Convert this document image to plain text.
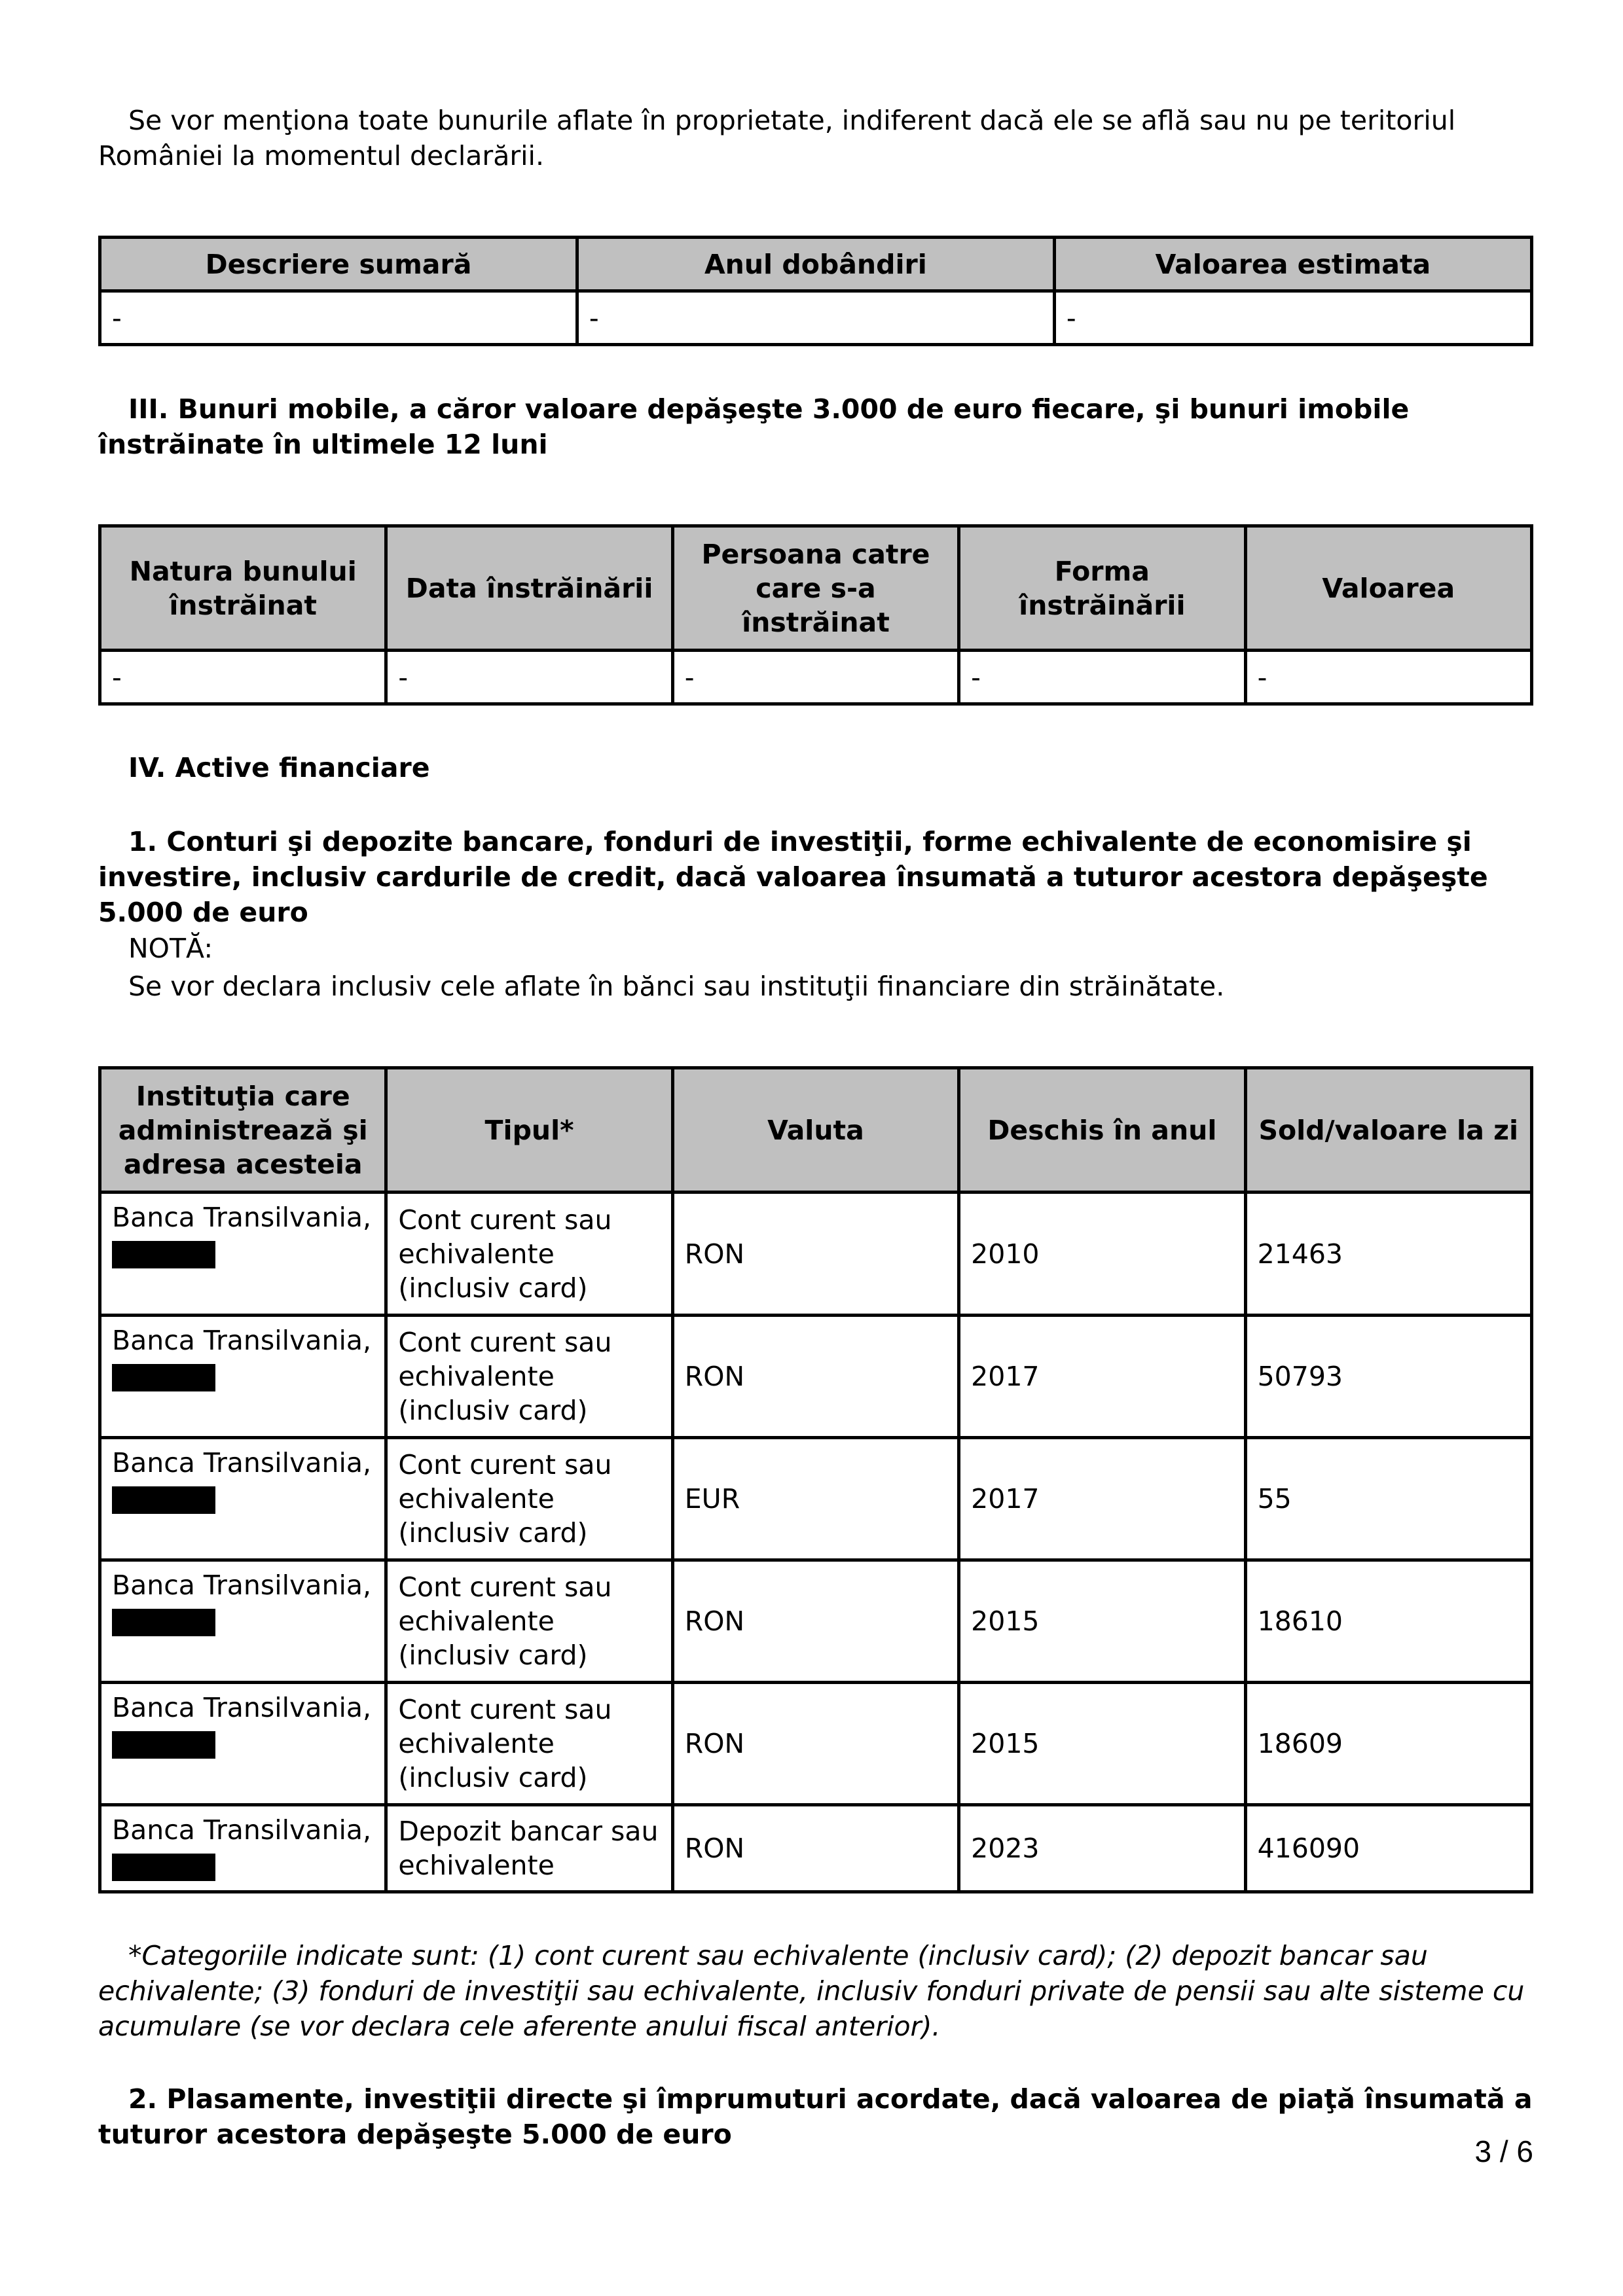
Se vor menţiona toate bunurile aflate în proprietate, indiferent dacă ele se află sau nu pe teritoriul României la momentul declarării.
Descriere sumară	Anul dobândiri	Valoarea estimata
-	-	-
III. Bunuri mobile, a căror valoare depăşeşte 3.000 de euro fiecare, şi bunuri imobile înstrăinate în ultimele 12 luni
Natura bunului înstrăinat	Data înstrăinării	Persoana catre care s-a înstrăinat	Forma înstrăinării	Valoarea
-	-	-	-	-
IV. Active financiare
1. Conturi şi depozite bancare, fonduri de investiţii, forme echivalente de economisire şi investire, inclusiv cardurile de credit, dacă valoarea însumată a tuturor acestora depăşeşte 5.000 de euro
NOTĂ:
Se vor declara inclusiv cele aflate în bănci sau instituţii financiare din străinătate.
Instituţia care administrează şi adresa acesteia	Tipul*	Valuta	Deschis în anul	Sold/valoare la zi
Banca Transilvania,	Cont curent sau echivalente (inclusiv card)	RON	2010	21463
Banca Transilvania,	Cont curent sau echivalente (inclusiv card)	RON	2017	50793
Banca Transilvania,	Cont curent sau echivalente (inclusiv card)	EUR	2017	55
Banca Transilvania,	Cont curent sau echivalente (inclusiv card)	RON	2015	18610
Banca Transilvania,	Cont curent sau echivalente (inclusiv card)	RON	2015	18609
Banca Transilvania,	Depozit bancar sau echivalente	RON	2023	416090
*Categoriile indicate sunt: (1) cont curent sau echivalente (inclusiv card); (2) depozit bancar sau echivalente; (3) fonduri de investiţii sau echivalente, inclusiv fonduri private de pensii sau alte sisteme cu acumulare (se vor declara cele aferente anului fiscal anterior).
2. Plasamente, investiţii directe şi împrumuturi acordate, dacă valoarea de piaţă însumată a tuturor acestora depăşeşte 5.000 de euro	3 / 6
